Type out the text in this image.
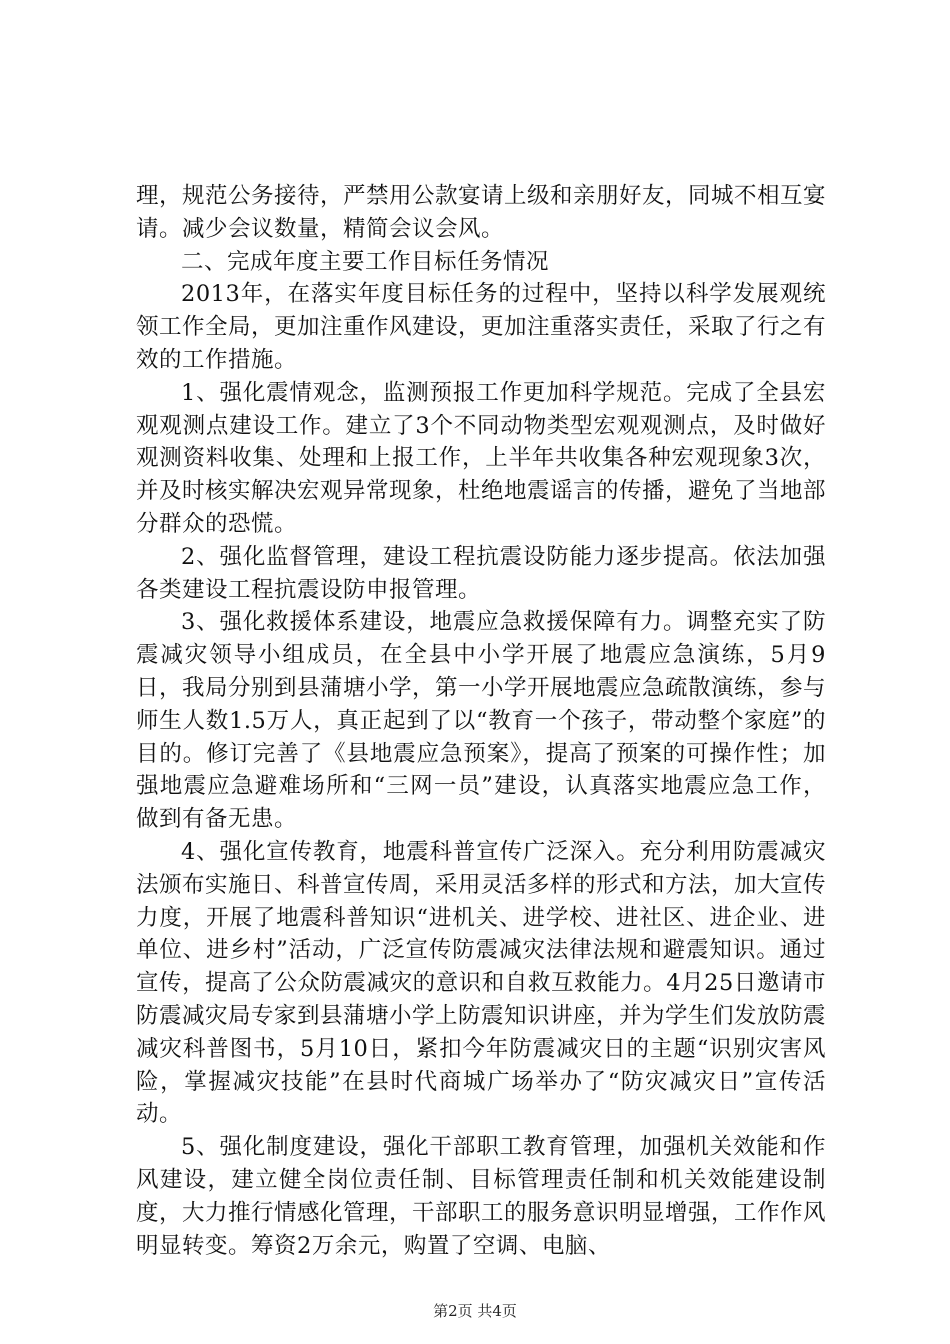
理，规范公务接待，严禁用公款宴请上级和亲朋好友，同城不相互宴请。减少会议数量，精简会议会风。

二、完成年度主要工作目标任务情况

2013年，在落实年度目标任务的过程中，坚持以科学发展观统领工作全局，更加注重作风建设，更加注重落实责任，采取了行之有效的工作措施。

1、强化震情观念，监测预报工作更加科学规范。完成了全县宏观观测点建设工作。建立了3个不同动物类型宏观观测点，及时做好观测资料收集、处理和上报工作，上半年共收集各种宏观现象3次，并及时核实解决宏观异常现象，杜绝地震谣言的传播，避免了当地部分群众的恐慌。

2、强化监督管理，建设工程抗震设防能力逐步提高。依法加强各类建设工程抗震设防申报管理。

3、强化救援体系建设，地震应急救援保障有力。调整充实了防震减灾领导小组成员，在全县中小学开展了地震应急演练，5月9日，我局分别到县蒲塘小学，第一小学开展地震应急疏散演练，参与师生人数1.5万人，真正起到了以“教育一个孩子，带动整个家庭”的目的。修订完善了《县地震应急预案》，提高了预案的可操作性；加强地震应急避难场所和“三网一员”建设，认真落实地震应急工作，做到有备无患。

4、强化宣传教育，地震科普宣传广泛深入。充分利用防震减灾法颁布实施日、科普宣传周，采用灵活多样的形式和方法，加大宣传力度，开展了地震科普知识“进机关、进学校、进社区、进企业、进单位、进乡村”活动，广泛宣传防震减灾法律法规和避震知识。通过宣传，提高了公众防震减灾的意识和自救互救能力。4月25日邀请市防震减灾局专家到县蒲塘小学上防震知识讲座，并为学生们发放防震减灾科普图书，5月10日，紧扣今年防震减灾日的主题“识别灾害风险，掌握减灾技能”在县时代商城广场举办了“防灾减灾日”宣传活动。

5、强化制度建设，强化干部职工教育管理，加强机关效能和作风建设，建立健全岗位责任制、目标管理责任制和机关效能建设制度，大力推行情感化管理，干部职工的服务意识明显增强，工作作风明显转变。筹资2万余元，购置了空调、电脑、

第2页 共4页
